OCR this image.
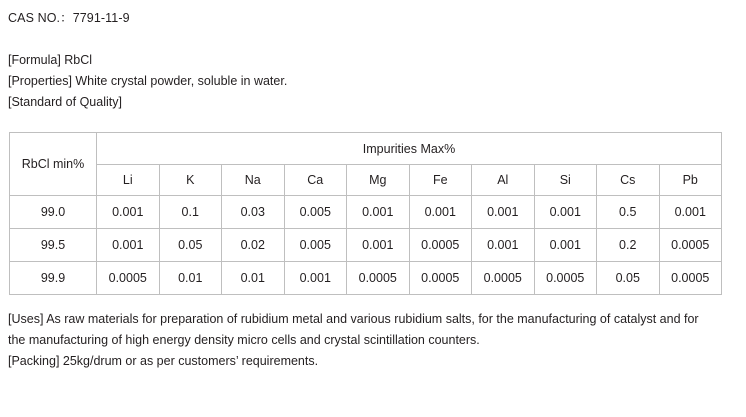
CAS NO.：7791-11-9
[Formula] RbCl
[Properties] White crystal powder, soluble in water.
[Standard of Quality]
RbCl min%	Impurities Max%									
	Li	K	Na	Ca	Mg	Fe	Al	Si	Cs	Pb
99.0	0.001	0.1	0.03	0.005	0.001	0.001	0.001	0.001	0.5	0.001
99.5	0.001	0.05	0.02	0.005	0.001	0.0005	0.001	0.001	0.2	0.0005
99.9	0.0005	0.01	0.01	0.001	0.0005	0.0005	0.0005	0.0005	0.05	0.0005

[Uses] As raw materials for preparation of rubidium metal and various rubidium salts, for the manufacturing of catalyst and for the manufacturing of high energy density micro cells and crystal scintillation counters.

[Packing] 25kg/drum or as per customers’ requirements.
